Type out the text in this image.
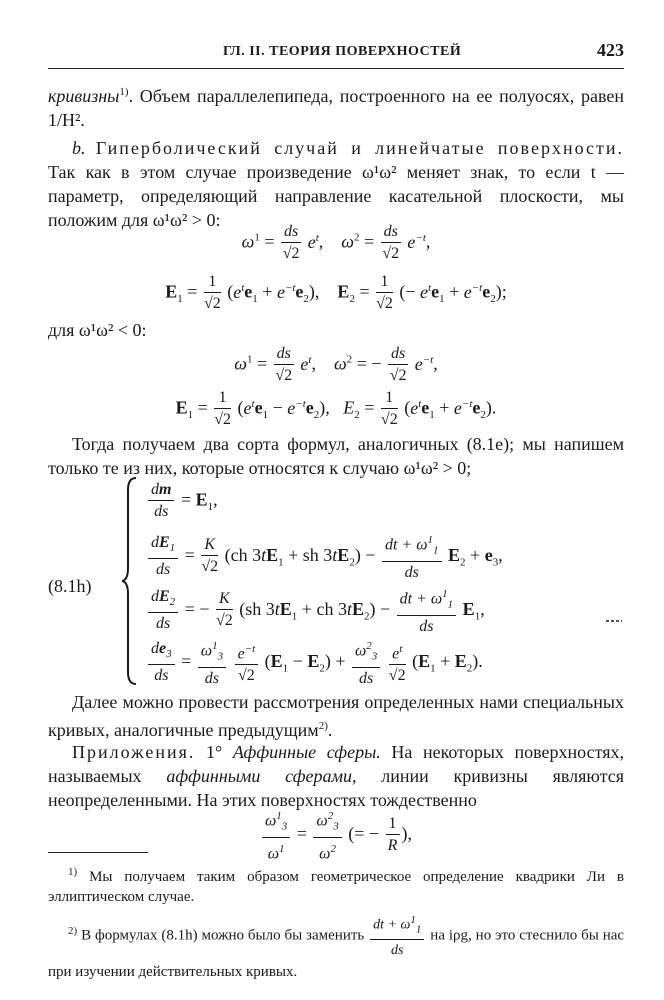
ГЛ. II. ТЕОРИЯ ПОВЕРХНОСТЕЙ	423
кривизны$^{1)}$. Объем параллелепипеда, построенного на ее полуосях, равен 1/H².
b. Гиперболический случай и линейчатые поверхности. Так как в этом случае произведение ω¹ω² меняет знак, то если t — параметр, определяющий направление касательной плоскости, мы положим для ω¹ω² > 0:
$\omega^1 = \frac{ds}{√2} e^t$,    $\omega^2 = \frac{ds}{√2} e^{-t}$,
$E_1 = \frac{1}{√2} (e^te_1 + e^{-t}e_2)$,    $E_2 = \frac{1}{√2}$ (− $e^te_1 + e^{-t}e_2$);
для ω¹ω² < 0:
$\omega^1 = \frac{ds}{√2} e^t$,    $\omega^2$ = − $\frac{ds}{√2} e^{-t}$,
$E_1 = \frac{1}{√2} (e^te_1 - e^{-t}e_2)$,   $E_2 = \frac{1}{√2} (e^te_1 + e^{-t}e_2)$.
Тогда получаем два сорта формул, аналогичных (8.1e); мы напишем только те из них, которые относятся к случаю ω¹ω² > 0;
(8.1h)
$\frac{dm}{ds} = E_1$,
$\frac{dE_1}{ds} = \frac{K}{√2} (ch$ $3tE_1$ + sh $3tE_2) - \frac{dt + \omega^1_1}{ds} E_2 + e_3$,
$\frac{dE_2}{ds}$ = − $\frac{K}{√2} (sh$ $3tE_1$ + ch $3tE_2) - \frac{dt + \omega^1_1}{ds} E_1$,
$\frac{de_3}{ds} = \frac{\omega^1_3}{ds}$
$\frac{e^{-t}}{√2} (E_1 - E_2) + \frac{\omega^2_3}{ds}$
$\frac{e^t}{√2} (E_1 + E_2)$.
Далее можно провести рассмотрения определенных нами специальных кривых, аналогичные предыдущим$^{2)}$.
Приложения. 1° Аффинные сферы. На некоторых поверхностях, называемых аффинными сферами, линии кривизны являются неопределенными. На этих поверхностях тождественно
$\frac{\omega^1_3}{\omega^1} = \frac{\omega^2_3}{\omega^2}$ (= − $\frac{1}{R}$ ),
$^{1)}$ Мы получаем таким образом геометрическое определение квадрики Ли в эллиптическом случае.
$^{2)}$ В формулах (8.1h) можно было бы заменить $\frac{dt + \omega^1_1}{ds}$ на iρg, но это стеснило бы нас при изучении действительных кривых.
